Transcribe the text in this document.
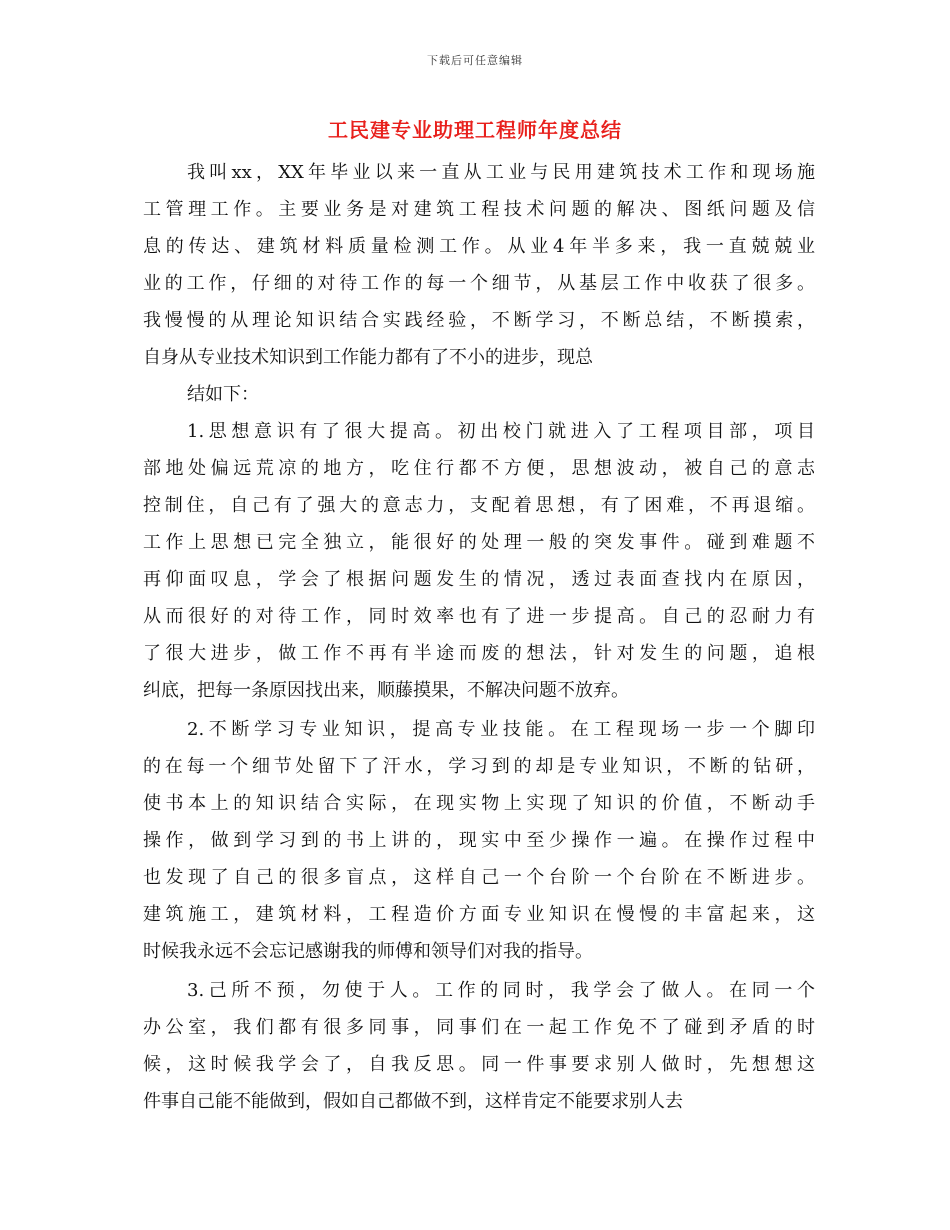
下载后可任意编辑
工民建专业助理工程师年度总结
我叫xx，XX年毕业以来一直从工业与民用建筑技术工作和现场施
工管理工作。主要业务是对建筑工程技术问题的解决、图纸问题及信
息的传达、建筑材料质量检测工作。从业4年半多来，我一直兢兢业
业的工作，仔细的对待工作的每一个细节，从基层工作中收获了很多。
我慢慢的从理论知识结合实践经验，不断学习，不断总结，不断摸索，
自身从专业技术知识到工作能力都有了不小的进步，现总
结如下：
1.思想意识有了很大提高。初出校门就进入了工程项目部，项目
部地处偏远荒凉的地方，吃住行都不方便，思想波动，被自己的意志
控制住，自己有了强大的意志力，支配着思想，有了困难，不再退缩。
工作上思想已完全独立，能很好的处理一般的突发事件。碰到难题不
再仰面叹息，学会了根据问题发生的情况，透过表面查找内在原因，
从而很好的对待工作，同时效率也有了进一步提高。自己的忍耐力有
了很大进步，做工作不再有半途而废的想法，针对发生的问题，追根
纠底，把每一条原因找出来，顺藤摸果，不解决问题不放弃。
2.不断学习专业知识，提高专业技能。在工程现场一步一个脚印
的在每一个细节处留下了汗水，学习到的却是专业知识，不断的钻研，
使书本上的知识结合实际，在现实物上实现了知识的价值，不断动手
操作，做到学习到的书上讲的，现实中至少操作一遍。在操作过程中
也发现了自己的很多盲点，这样自己一个台阶一个台阶在不断进步。
建筑施工，建筑材料，工程造价方面专业知识在慢慢的丰富起来，这
时候我永远不会忘记感谢我的师傅和领导们对我的指导。
3.己所不预，勿使于人。工作的同时，我学会了做人。在同一个
办公室，我们都有很多同事，同事们在一起工作免不了碰到矛盾的时
候，这时候我学会了，自我反思。同一件事要求别人做时，先想想这
件事自己能不能做到，假如自己都做不到，这样肯定不能要求别人去
